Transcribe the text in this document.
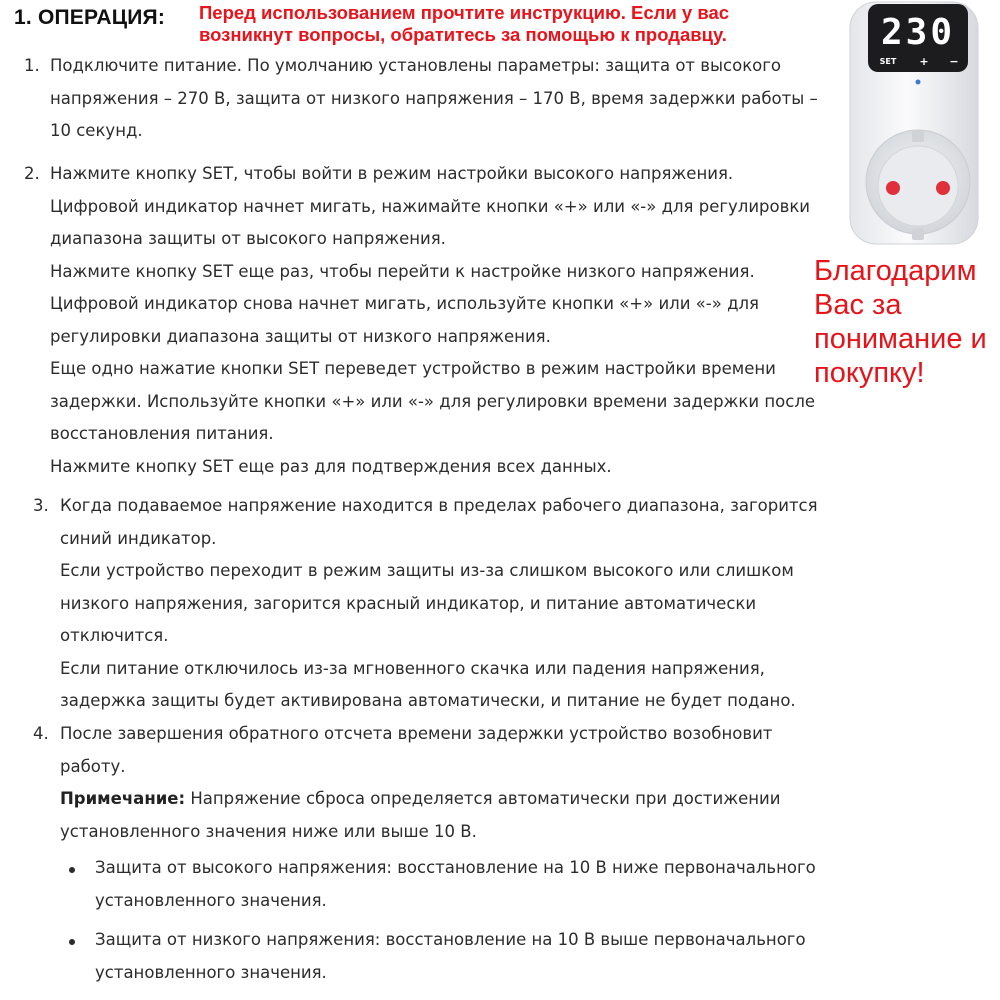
1. ОПЕРАЦИЯ: Перед использованием прочтите инструкцию. Если у вас
возникнут вопросы, обратитесь за помощью к продавцу.	230
SET + −
Благодарим
Вас за
понимание и
покупку!
1. Подключите питание. По умолчанию установлены параметры: защита от высокого
напряжения – 270 В, защита от низкого напряжения – 170 В, время задержки работы –
10 секунд.
2. Нажмите кнопку SET, чтобы войти в режим настройки высокого напряжения.
Цифровой индикатор начнет мигать, нажимайте кнопки «+» или «-» для регулировки
диапазона защиты от высокого напряжения.
Нажмите кнопку SET еще раз, чтобы перейти к настройке низкого напряжения.
Цифровой индикатор снова начнет мигать, используйте кнопки «+» или «-» для
регулировки диапазона защиты от низкого напряжения.
Еще одно нажатие кнопки SET переведет устройство в режим настройки времени
задержки. Используйте кнопки «+» или «-» для регулировки времени задержки после
восстановления питания.
Нажмите кнопку SET еще раз для подтверждения всех данных.
3. Когда подаваемое напряжение находится в пределах рабочего диапазона, загорится
синий индикатор.
Если устройство переходит в режим защиты из-за слишком высокого или слишком
низкого напряжения, загорится красный индикатор, и питание автоматически
отключится.
Если питание отключилось из-за мгновенного скачка или падения напряжения,
задержка защиты будет активирована автоматически, и питание не будет подано.
4. После завершения обратного отсчета времени задержки устройство возобновит
работу.
Примечание: Напряжение сброса определяется автоматически при достижении
установленного значения ниже или выше 10 В.
Защита от высокого напряжения: восстановление на 10 В ниже первоначального
установленного значения.
Защита от низкого напряжения: восстановление на 10 В выше первоначального
установленного значения.
